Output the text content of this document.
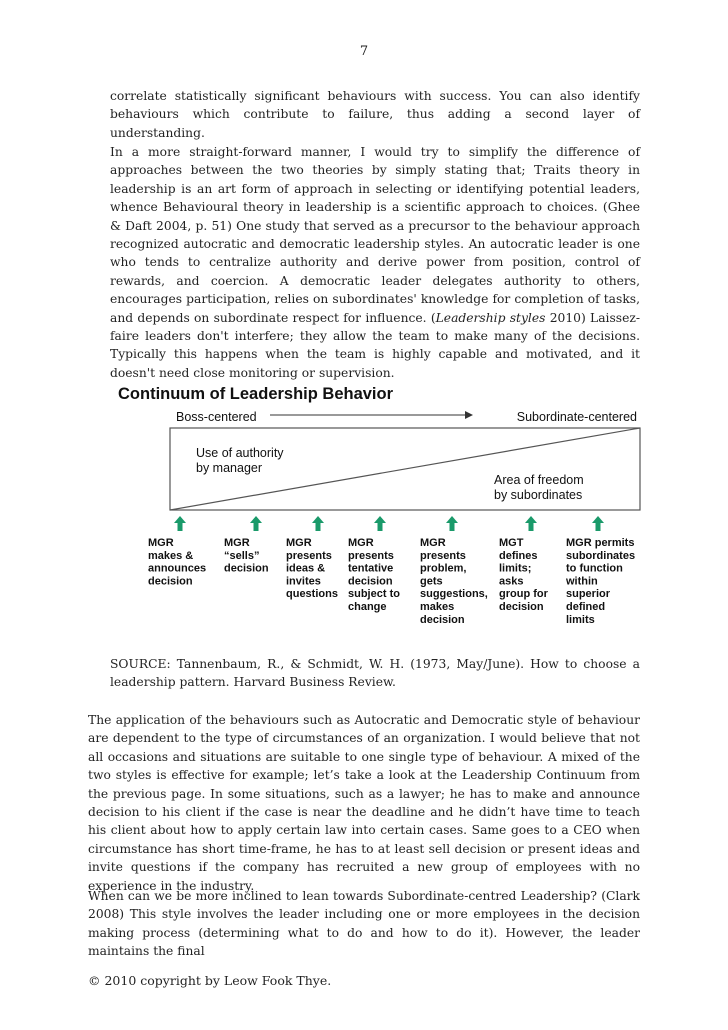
7

correlate statistically significant behaviours with success. You can also identify behaviours which contribute to failure, thus adding a second layer of understanding.

In a more straight-forward manner, I would try to simplify the difference of approaches between the two theories by simply stating that; Traits theory in leadership is an art form of approach in selecting or identifying potential leaders, whence Behavioural theory in leadership is a scientific approach to choices. (Ghee & Daft 2004, p. 51) One study that served as a precursor to the behaviour approach recognized autocratic and democratic leadership styles. An autocratic leader is one who tends to centralize authority and derive power from position, control of rewards, and coercion. A democratic leader delegates authority to others, encourages participation, relies on subordinates' knowledge for completion of tasks, and depends on subordinate respect for influence. (Leadership styles 2010) Laissez-faire leaders don't interfere; they allow the team to make many of the decisions. Typically this happens when the team is highly capable and motivated, and it doesn't need close monitoring or supervision.

Continuum of Leadership Behavior
Boss-centered	Subordinate-centered
Use of authority
by manager
Area of freedom
by subordinates
MGR
makes &
announces
decision
MGR
“sells”
decision
MGR
presents
ideas &
invites
questions
MGR
presents
tentative
decision
subject to
change
MGR
presents
problem,
gets
suggestions,
makes
decision
MGT
defines
limits;
asks
group for
decision
MGR permits
subordinates
to function
within
superior
defined
limits

SOURCE: Tannenbaum, R., & Schmidt, W. H. (1973, May/June). How to choose a leadership pattern. Harvard Business Review.

The application of the behaviours such as Autocratic and Democratic style of behaviour are dependent to the type of circumstances of an organization. I would believe that not all occasions and situations are suitable to one single type of behaviour. A mixed of the two styles is effective for example; let’s take a look at the Leadership Continuum from the previous page. In some situations, such as a lawyer; he has to make and announce decision to his client if the case is near the deadline and he didn’t have time to teach his client about how to apply certain law into certain cases. Same goes to a CEO when circumstance has short time-frame, he has to at least sell decision or present ideas and invite questions if the company has recruited a new group of employees with no experience in the industry.

When can we be more inclined to lean towards Subordinate-centred Leadership? (Clark 2008) This style involves the leader including one or more employees in the decision making process (determining what to do and how to do it). However, the leader maintains the final

© 2010 copyright by Leow Fook Thye.
